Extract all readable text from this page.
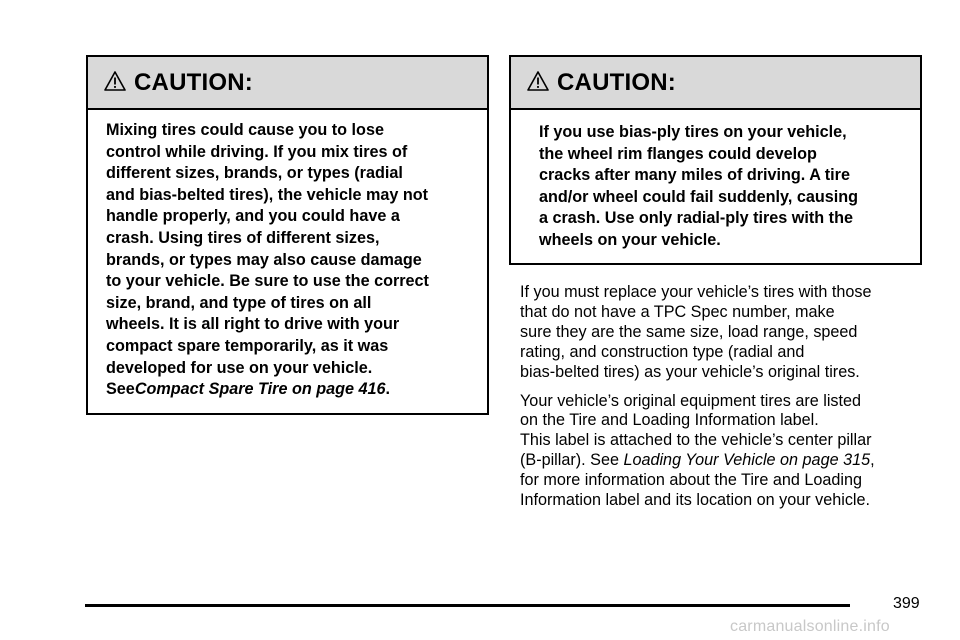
CAUTION:
Mixing tires could cause you to lose
control while driving. If you mix tires of
different sizes, brands, or types (radial
and bias-belted tires), the vehicle may not
handle properly, and you could have a
crash. Using tires of different sizes,
brands, or types may also cause damage
to your vehicle. Be sure to use the correct
size, brand, and type of tires on all
wheels. It is all right to drive with your
compact spare temporarily, as it was
developed for use on your vehicle.
SeeCompact Spare Tire on page 416.
CAUTION:
If you use bias-ply tires on your vehicle,
the wheel rim flanges could develop
cracks after many miles of driving. A tire
and/or wheel could fail suddenly, causing
a crash. Use only radial-ply tires with the
wheels on your vehicle.

If you must replace your vehicle’s tires with those
that do not have a TPC Spec number, make
sure they are the same size, load range, speed
rating, and construction type (radial and
bias-belted tires) as your vehicle’s original tires.

Your vehicle’s original equipment tires are listed
on the Tire and Loading Information label.
This label is attached to the vehicle’s center pillar
(B-pillar). See Loading Your Vehicle on page 315,
for more information about the Tire and Loading
Information label and its location on your vehicle.

399
carmanualsonline.info
